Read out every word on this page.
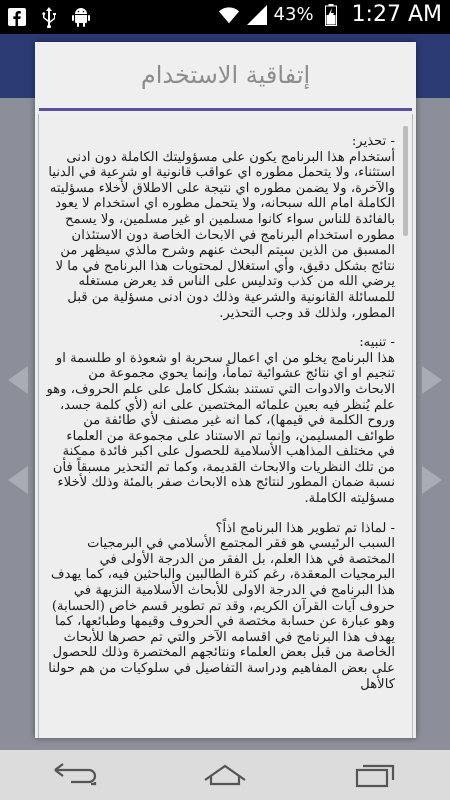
43% 1:27 AM
إتفاقية الاستخدام

- تحذير:
أستخدام هذا البرنامج يكون على مسؤوليتك الكاملة دون ادنى استثناء، ولا يتحمل مطوره اي عواقب قانونية او شرعية في الدنيا والآخرة، ولا يضمن مطوره اي نتيجة على الاطلاق لأخلاء مسؤليته الكاملة امام الله سبحانه، ولا يتحمل مطوره اي استخدام لا يعود بالفائدة للناس سواء كانوا مسلمين او غير مسلمين، ولا يسمح مطوره استخدام البرنامج في الابحاث الخاصة دون الاستئذان المسبق من الذين سيتم البحث عنهم وشرح مالذي سيظهر من نتائج بشكل دقيق، وأي استغلال لمحتويات هذا البرنامج في ما لا يرضي الله من كذب وتدليس على الناس قد يعرض مستغله للمسائلة القانونية والشرعية وذلك دون ادنى مسؤلية من قبل المطور، ولذلك قد وجب التحذير.

- تنبيه:
هذا البرنامج يخلو من اي اعمال سحرية او شعوذة او طلسمة او تنجيم او اي نتائج عشوائية تماماً، وإنما يحوي مجموعة من الابحاث والادوات التي تستند بشكل كامل على علم الحروف، وهو علم يُنظر فيه بعين علمائه المختصين على انه (لأي كلمة جسد، وروح الكلمة في قيمها)، كما انه غير مصنف لأي طائفة من طوائف المسليمن، وإنما تم الاستناد على مجموعة من العلماء في مختلف المذاهب الأسلامية للحصول على اكبر فائدة ممكنة من تلك النظريات والابحاث القديمة، وكما تم التحذير مسبقاً فأن نسبة ضمان المطور لنتائج هذه الابحاث صفر بالمئة وذلك لأخلاء مسؤليته الكاملة.

- لماذا تم تطوير هذا البرنامج اذاً؟
السبب الرئيسي هو فقر المجتمع الأسلامي في البرمجيات المختصة في هذا العلم، بل الفقر من الدرجة الأولى في البرمجيات المعقدة، رغم كثرة الطالبين والباحثين فيه، كما يهدف هذا البرنامج في الدرجة الاولى للأبحاث الأسلامية النزيهة في حروف آيات القرآن الكريم، وقد تم تطوير قسم خاص (الحسابة) وهو عبارة عن حسابة مختصة في الحروف وقيمها وطبائعها، كما يهدف هذا البرنامج في اقسامه الآخر والتي تم حصرها للأبحاث الخاصة من قبل بعض العلماء ونتائجهم المختصرة وذلك للحصول على بعض المفاهيم ودراسة التفاصيل في سلوكيات من هم حولنا كالأهل
